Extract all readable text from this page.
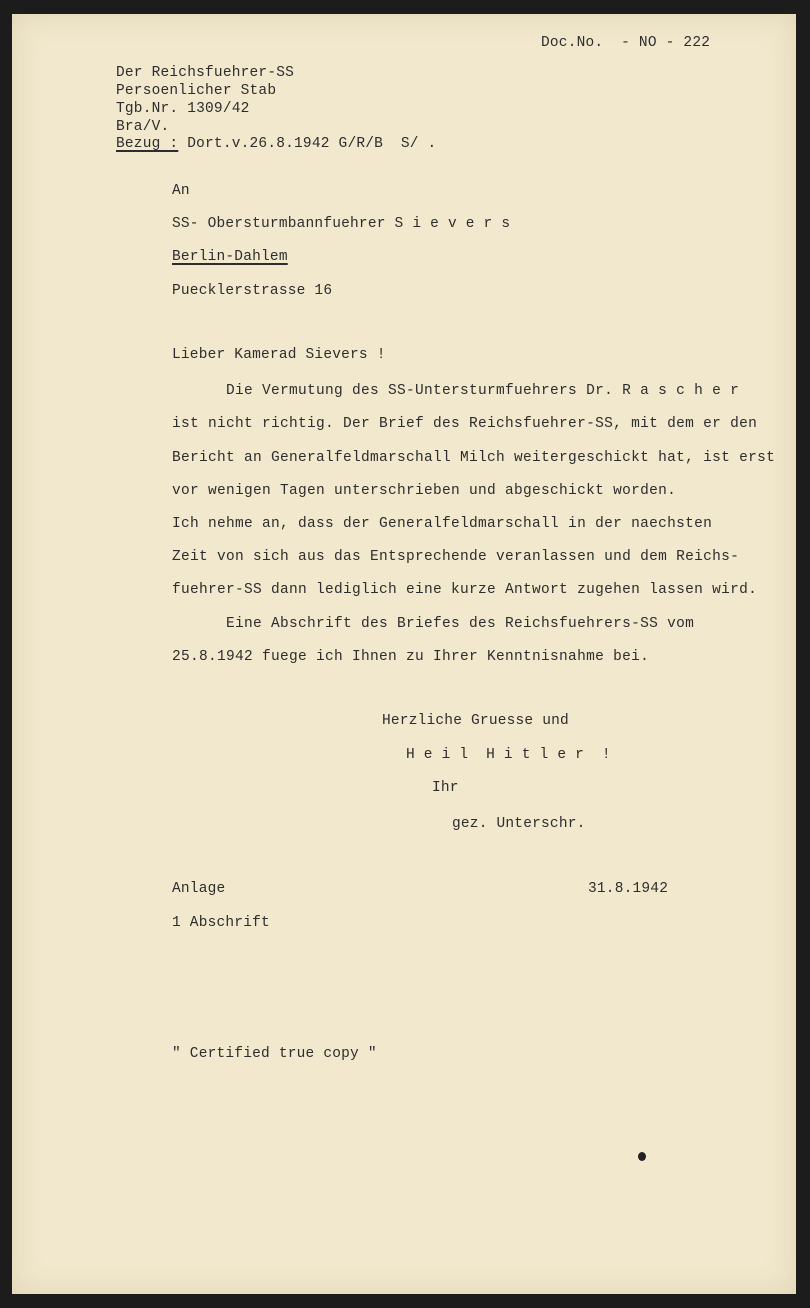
Doc.No.  - NO - 222
Der Reichsfuehrer-SS
Persoenlicher Stab
Tgb.Nr. 1309/42
Bra/V.
Bezug : Dort.v.26.8.1942 G/R/B  S/ .
An
SS- Obersturmbannfuehrer S i e v e r s
Berlin-Dahlem
Puecklerstrasse 16
Lieber Kamerad Sievers !
Die Vermutung des SS-Untersturmfuehrers Dr. R a s c h e r
ist nicht richtig. Der Brief des Reichsfuehrer-SS, mit dem er den
Bericht an Generalfeldmarschall Milch weitergeschickt hat, ist erst
vor wenigen Tagen unterschrieben und abgeschickt worden.
Ich nehme an, dass der Generalfeldmarschall in der naechsten
Zeit von sich aus das Entsprechende veranlassen und dem Reichs-
fuehrer-SS dann lediglich eine kurze Antwort zugehen lassen wird.
Eine Abschrift des Briefes des Reichsfuehrers-SS vom
25.8.1942 fuege ich Ihnen zu Ihrer Kenntnisnahme bei.
Herzliche Gruesse und
H e i l  H i t l e r  !
Ihr
gez. Unterschr.
Anlage	31.8.1942
1 Abschrift
" Certified true copy "
